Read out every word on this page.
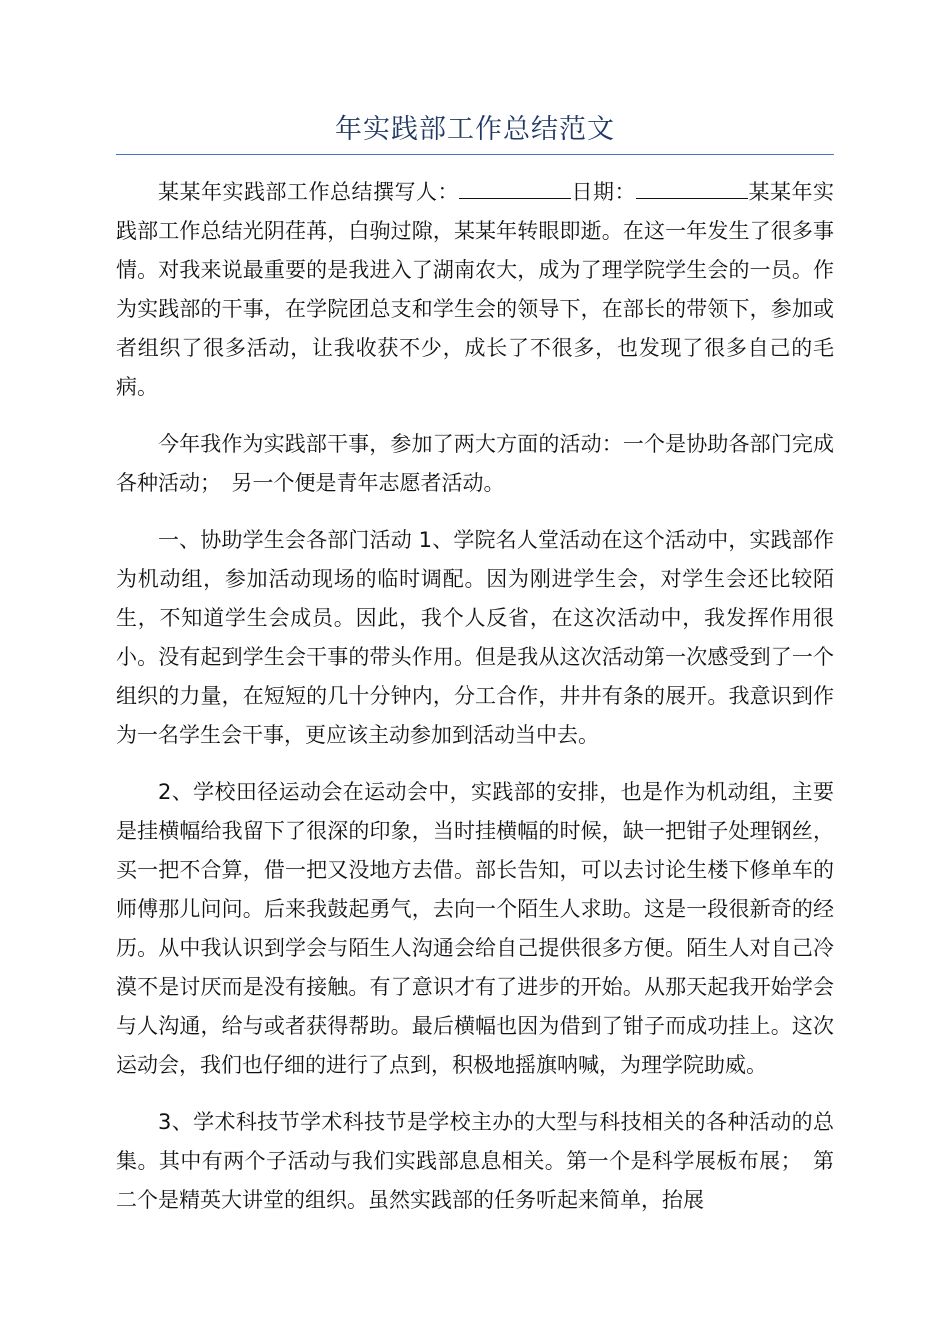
年实践部工作总结范文

某某年实践部工作总结撰写人：	日期：	某某年实践部工作总结光阴荏苒，白驹过隙，某某年转眼即逝。在这一年发生了很多事情。对我来说最重要的是我进入了湖南农大，成为了理学院学生会的一员。作为实践部的干事，在学院团总支和学生会的领导下，在部长的带领下，参加或者组织了很多活动，让我收获不少，成长了不很多，也发现了很多自己的毛病。

今年我作为实践部干事，参加了两大方面的活动：一个是协助各部门完成各种活动；　另一个便是青年志愿者活动。

一、协助学生会各部门活动 1、学院名人堂活动在这个活动中，实践部作为机动组，参加活动现场的临时调配。因为刚进学生会，对学生会还比较陌生，不知道学生会成员。因此，我个人反省，在这次活动中，我发挥作用很小。没有起到学生会干事的带头作用。但是我从这次活动第一次感受到了一个组织的力量，在短短的几十分钟内，分工合作，井井有条的展开。我意识到作为一名学生会干事，更应该主动参加到活动当中去。

2、学校田径运动会在运动会中，实践部的安排，也是作为机动组，主要是挂横幅给我留下了很深的印象，当时挂横幅的时候，缺一把钳子处理钢丝，买一把不合算，借一把又没地方去借。部长告知，可以去讨论生楼下修单车的师傅那儿问问。后来我鼓起勇气，去向一个陌生人求助。这是一段很新奇的经历。从中我认识到学会与陌生人沟通会给自己提供很多方便。陌生人对自己冷漠不是讨厌而是没有接触。有了意识才有了进步的开始。从那天起我开始学会与人沟通，给与或者获得帮助。最后横幅也因为借到了钳子而成功挂上。这次运动会，我们也仔细的进行了点到，积极地摇旗呐喊，为理学院助威。

3、学术科技节学术科技节是学校主办的大型与科技相关的各种活动的总集。其中有两个子活动与我们实践部息息相关。第一个是科学展板布展；　第二个是精英大讲堂的组织。虽然实践部的任务听起来简单，抬展
